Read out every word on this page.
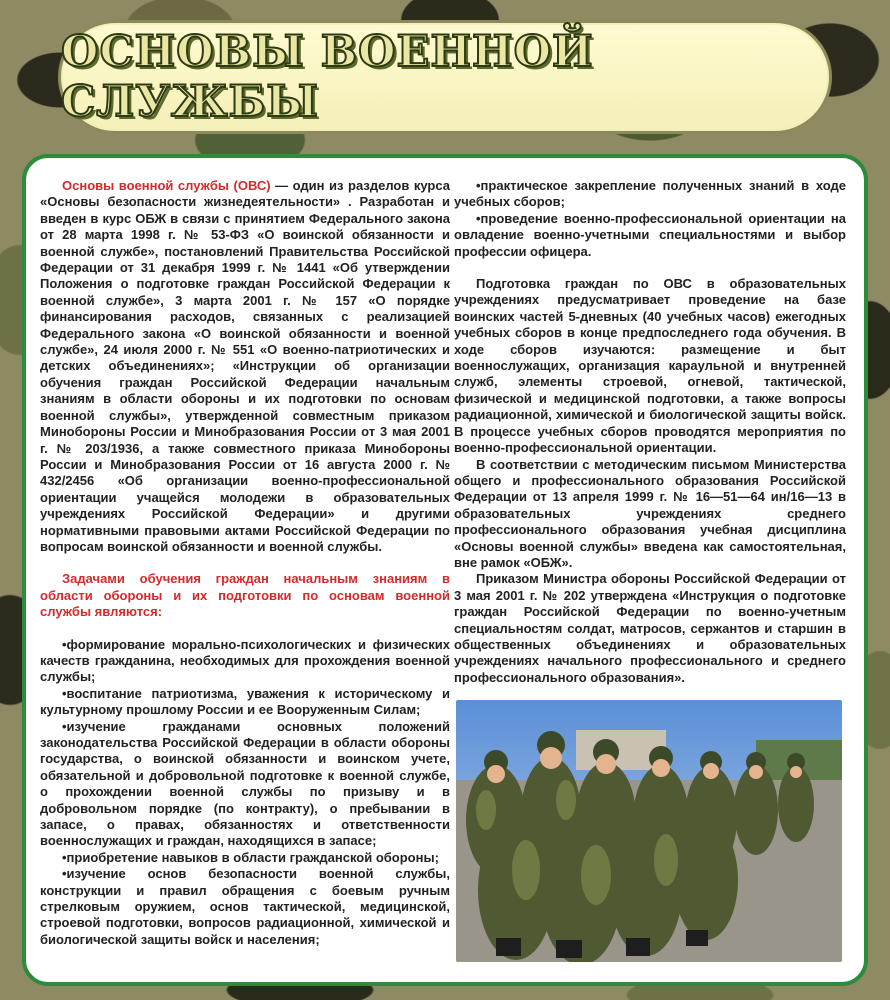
ОСНОВЫ ВОЕННОЙ СЛУЖБЫ

Основы военной службы (ОВС) — один из разделов курса «Основы безопасности жизнедеятельности» . Разработан и введен в курс ОБЖ в связи с принятием Федерального закона от 28 марта 1998 г. № 53-ФЗ «О воинской обязанности и военной службе», постановлений Правительства Российской Федерации от 31 декабря 1999 г. № 1441 «Об утверждении Положения о подготовке граждан Российской Федерации к военной службе», 3 марта 2001 г. № 157 «О порядке финансирования расходов, связанных с реализацией Федерального закона «О воинской обязанности и военной службе», 24 июля 2000 г. № 551 «О военно-патриотических и детских объединениях»; «Инструкции об организации обучения граждан Российской Федерации начальным знаниям в области обороны и их подготовки по основам военной службы», утвержденной совместным приказом Минобороны России и Минобразования России от 3 мая 2001 г. № 203/1936, а также совместного приказа Минобороны России и Минобразования России от 16 августа 2000 г. № 432/2456 «Об организации военно-профессиональной ориентации учащейся молодежи в образовательных учреждениях Российской Федерации» и другими нормативными правовыми актами Российской Федерации по вопросам воинской обязанности и военной службы.

Задачами обучения граждан начальным знаниям в области обороны и их подготовки по основам военной службы являются:

•формирование морально-психологических и физических качеств гражданина, необходимых для прохождения военной службы;

•воспитание патриотизма, уважения к историческому и культурному прошлому России и ее Вооруженным Силам;

•изучение гражданами основных положений законодательства Российской Федерации в области обороны государства, о воинской обязанности и воинском учете, обязательной и добровольной подготовке к военной службе, о прохождении военной службы по призыву и в добровольном порядке (по контракту), о пребывании в запасе, о правах, обязанностях и ответственности военнослужащих и граждан, находящихся в запасе;

•приобретение навыков в области гражданской обороны;

•изучение основ безопасности военной службы, конструкции и правил обращения с боевым ручным стрелковым оружием, основ тактической, медицинской, строевой подготовки, вопросов радиационной, химической и биологической защиты войск и населения;

•практическое закрепление полученных знаний в ходе учебных сборов;

•проведение военно-профессиональной ориентации на овладение военно-учетными специальностями и выбор профессии офицера.

Подготовка граждан по ОВС в образовательных учреждениях предусматривает проведение на базе воинских частей 5-дневных (40 учебных часов) ежегодных учебных сборов в конце предпоследнего года обучения. В ходе сборов изучаются: размещение и быт военнослужащих, организация караульной и внутренней служб, элементы строевой, огневой, тактической, физической и медицинской подготовки, а также вопросы радиационной, химической и биологической защиты войск. В процессе учебных сборов проводятся мероприятия по военно-профессиональной ориентации.

В соответствии с методическим письмом Министерства общего и профессионального образования Российской Федерации от 13 апреля 1999 г. № 16—51—64 ин/16—13 в образовательных учреждениях среднего профессионального образования учебная дисциплина «Основы военной службы» введена как самостоятельная, вне рамок «ОБЖ».

Приказом Министра обороны Российской Федерации от 3 мая 2001 г. № 202 утверждена «Инструкция о подготовке граждан Российской Федерации по военно-учетным специальностям солдат, матросов, сержантов и старшин в общественных объединениях и образовательных учреждениях начального профессионального и среднего профессионального образования».
